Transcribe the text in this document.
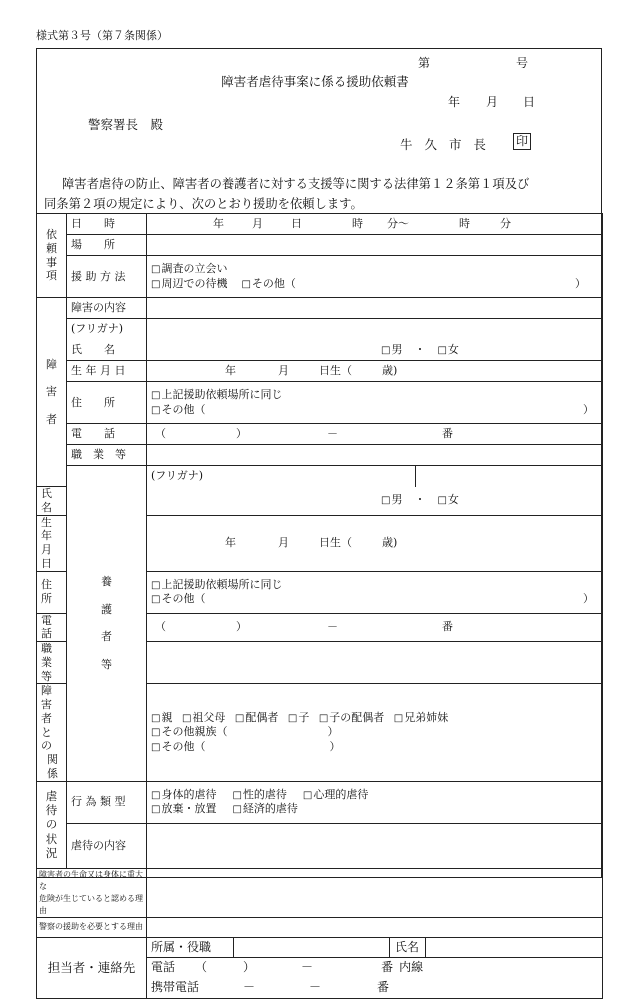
様式第３号（第７条関係）
第	号
障害者虐待事案に係る援助依頼書
年 月 日
警察署長　殿
牛 久 市 長 印
障害者虐待の防止、障害者の養護者に対する支援等に関する法律第１２条第１項及び
同条第２項の規定により、次のとおり援助を依頼します。
依
頼
事
項	日　　時	年	月	日	時 分～	時	分
場　　所	
援 助 方 法	
□調査の立会い
□周辺での待機 □その他（	）

障

害

者	障害の内容	
(フリガナ)	
氏　　名	□男 ・ □女

生 年 月 日	年	月	日生（	歳)
住　　所	
□上記援助依頼場所に同じ
□その他（	）

電　　話	（	）	－	番
職　業　等	
養

護

者

等	(フリガナ)	
氏　　名	□男 ・ □女

生 年 月 日	年	月	日生（	歳)
住　　所	
□上記援助依頼場所に同じ
□その他（	）

電　　話	（	）	－	番
職　業　等	

障害者との
関　　係

□親 □祖父母 □配偶者 □子 □子の配偶者 □兄弟姉妹
□その他親族（	）
□その他（	）

虐
待
の
状
況	行 為 類 型	
□身体的虐待 □性的虐待 □心理的虐待
□放棄・放置 □経済的虐待

虐待の内容	

障害者の生命又は身体に重大な
危険が生じていると認める理由

警察の援助を必要とする理由	
担当者・連絡先	
所属・役職		氏名	
電話 （	）	－	番 内線
携帯電話	－	－	番
